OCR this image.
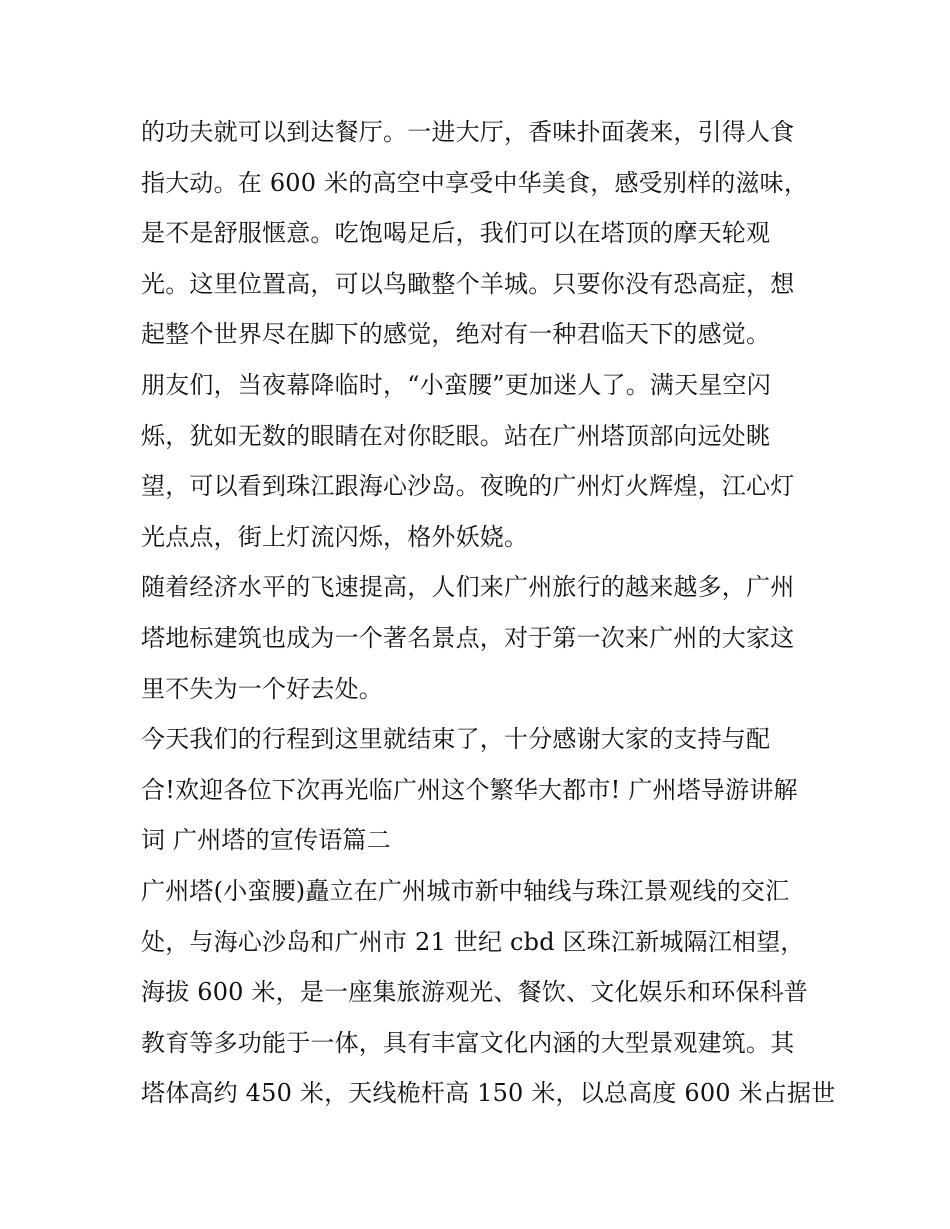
的功夫就可以到达餐厅。一进大厅，香味扑面袭来，引得人食
指大动。在 600 米的高空中享受中华美食，感受别样的滋味，
是不是舒服惬意。吃饱喝足后，我们可以在塔顶的摩天轮观
光。这里位置高，可以鸟瞰整个羊城。只要你没有恐高症，想
起整个世界尽在脚下的感觉，绝对有一种君临天下的感觉。
朋友们，当夜幕降临时，“小蛮腰”更加迷人了。满天星空闪
烁，犹如无数的眼睛在对你眨眼。站在广州塔顶部向远处眺
望，可以看到珠江跟海心沙岛。夜晚的广州灯火辉煌，江心灯
光点点，街上灯流闪烁，格外妖娆。
随着经济水平的飞速提高，人们来广州旅行的越来越多，广州
塔地标建筑也成为一个著名景点，对于第一次来广州的大家这
里不失为一个好去处。
今天我们的行程到这里就结束了，十分感谢大家的支持与配
合!欢迎各位下次再光临广州这个繁华大都市! 广州塔导游讲解
词 广州塔的宣传语篇二
广州塔(小蛮腰)矗立在广州城市新中轴线与珠江景观线的交汇
处，与海心沙岛和广州市 21 世纪 cbd 区珠江新城隔江相望，
海拔 600 米，是一座集旅游观光、餐饮、文化娱乐和环保科普
教育等多功能于一体，具有丰富文化内涵的大型景观建筑。其
塔体高约 450 米，天线桅杆高 150 米，以总高度 600 米占据世
